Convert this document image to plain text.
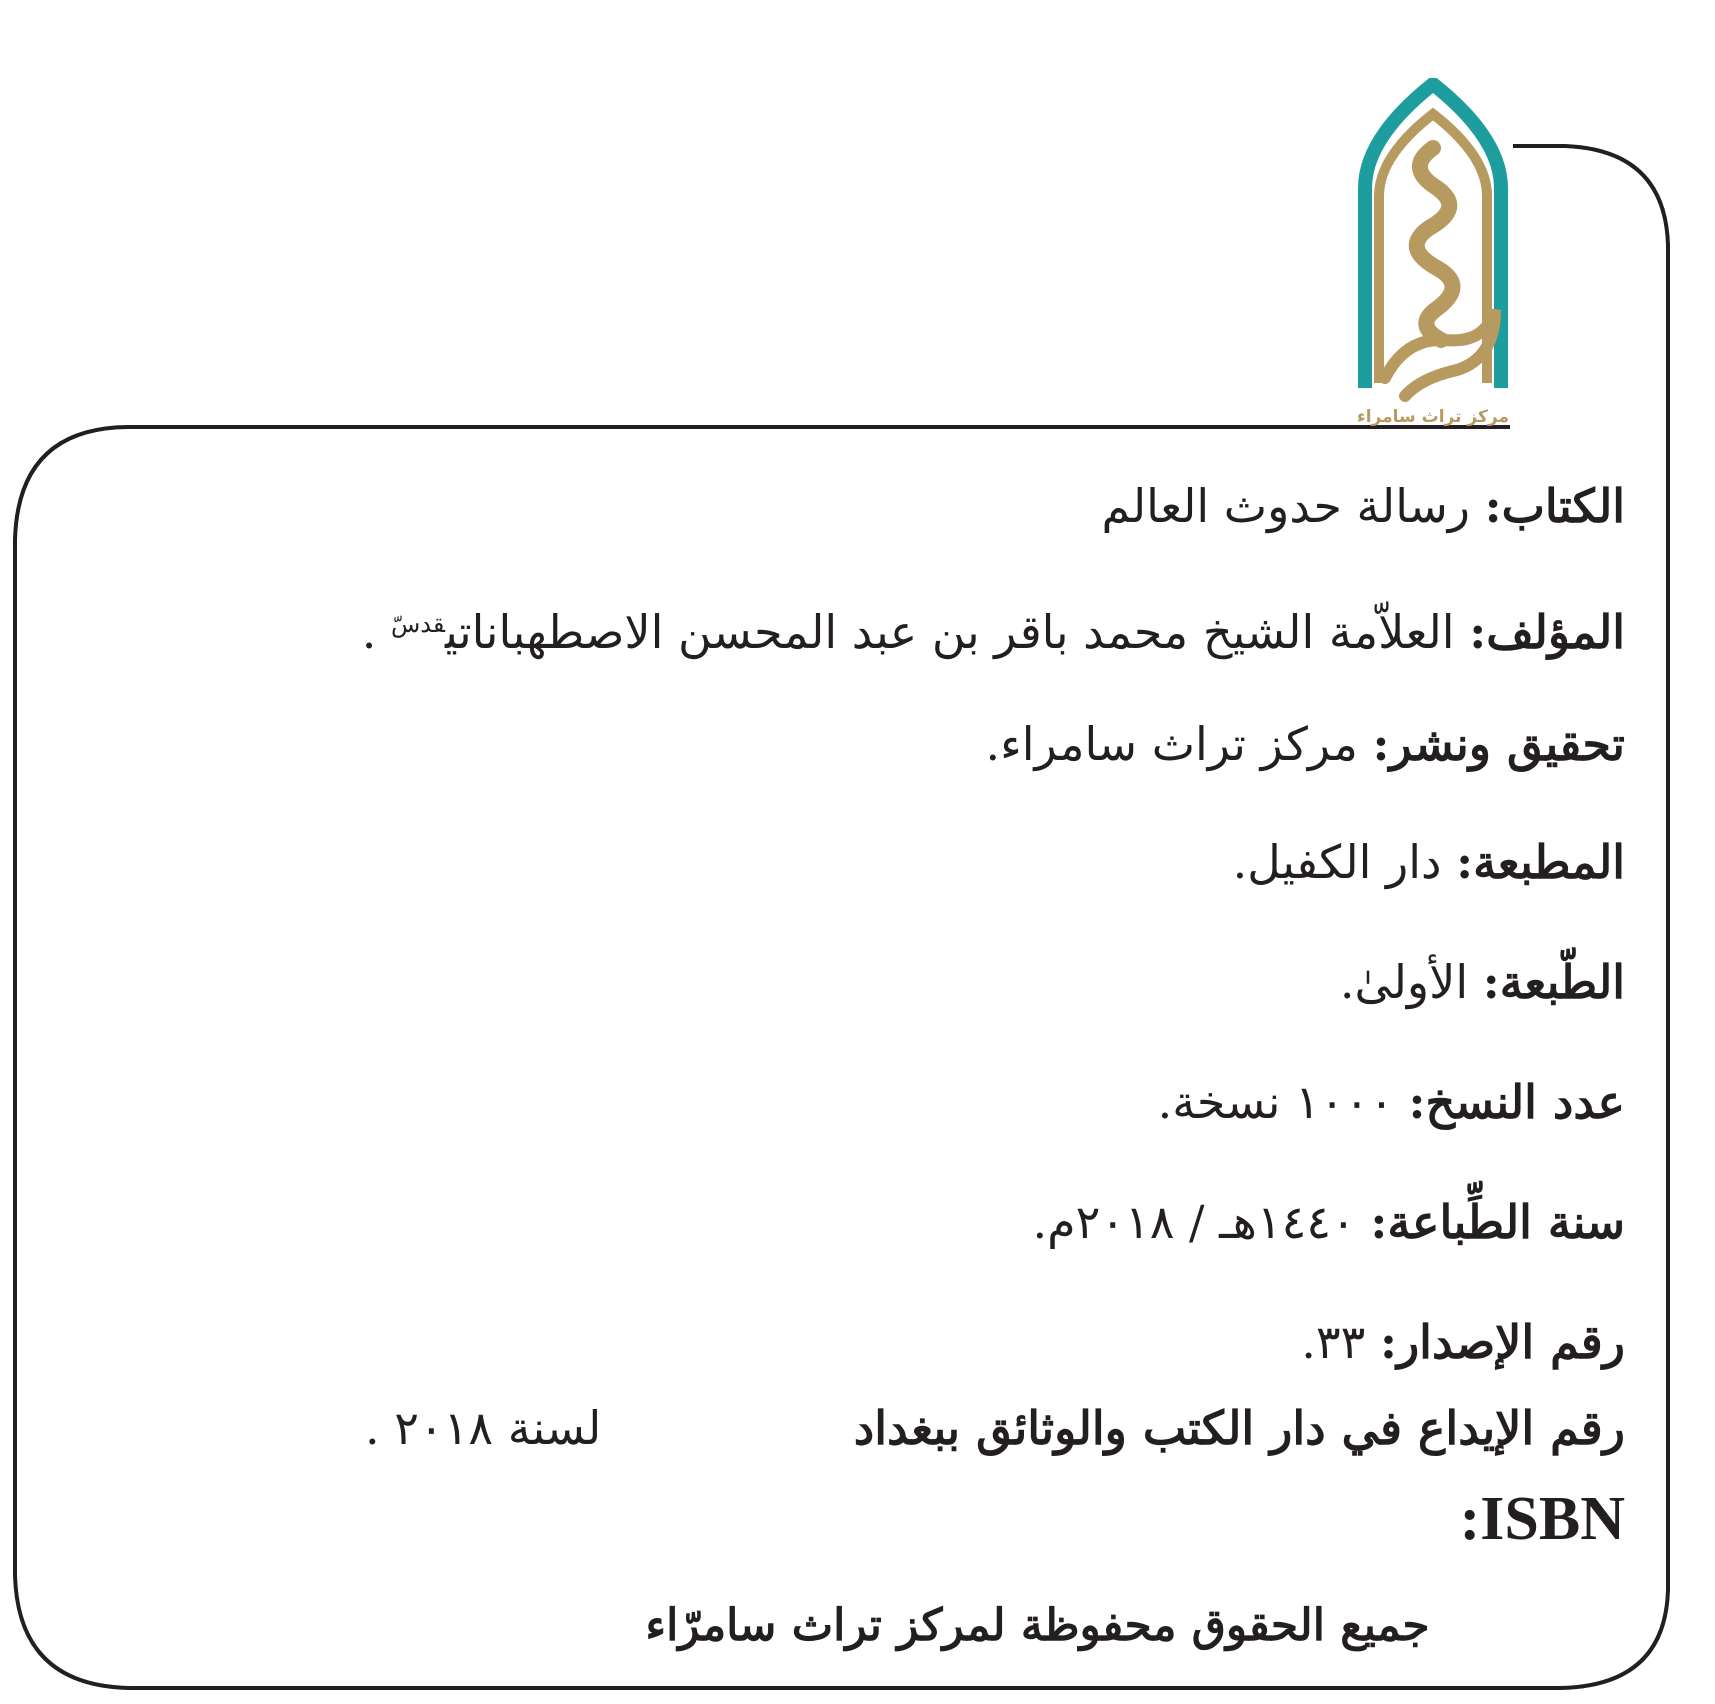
مركز تراث سامراء
الكتاب: رسالة حدوث العالم
المؤلف: العلاّمة الشيخ محمد باقر بن عبد المحسن الاصطهباناتي$^{قدسّ}$ .
تحقيق ونشر: مركز تراث سامراء.
المطبعة: دار الكفيل.
الطّبعة: الأولىٰ.
عدد النسخ: ١٠٠٠ نسخة.
سنة الطِّباعة: ١٤٤٠هـ / ٢٠١٨م.
رقم الإصدار: ٣٣.
رقم الإيداع في دار الكتب والوثائق ببغداد
لسنة ٢٠١٨ .
:ISBN
جميع الحقوق محفوظة لمركز تراث سامرّاء
